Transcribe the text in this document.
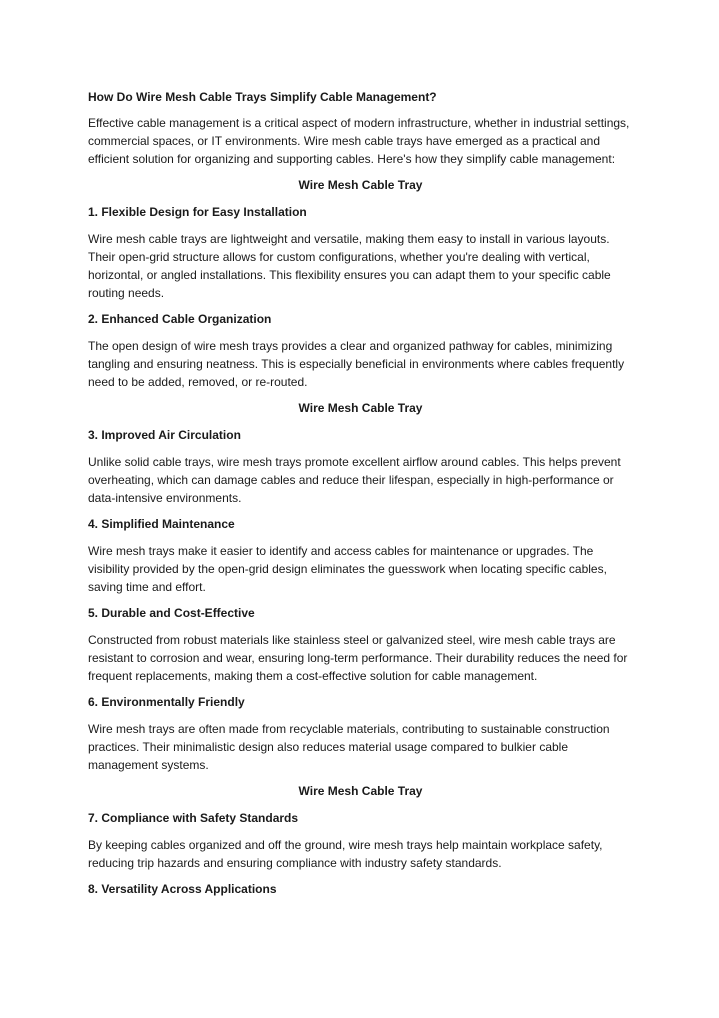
How Do Wire Mesh Cable Trays Simplify Cable Management?
Effective cable management is a critical aspect of modern infrastructure, whether in industrial settings, commercial spaces, or IT environments. Wire mesh cable trays have emerged as a practical and efficient solution for organizing and supporting cables. Here's how they simplify cable management:
Wire Mesh Cable Tray
1. Flexible Design for Easy Installation
Wire mesh cable trays are lightweight and versatile, making them easy to install in various layouts. Their open-grid structure allows for custom configurations, whether you're dealing with vertical, horizontal, or angled installations. This flexibility ensures you can adapt them to your specific cable routing needs.
2. Enhanced Cable Organization
The open design of wire mesh trays provides a clear and organized pathway for cables, minimizing tangling and ensuring neatness. This is especially beneficial in environments where cables frequently need to be added, removed, or re-routed.
Wire Mesh Cable Tray
3. Improved Air Circulation
Unlike solid cable trays, wire mesh trays promote excellent airflow around cables. This helps prevent overheating, which can damage cables and reduce their lifespan, especially in high-performance or data-intensive environments.
4. Simplified Maintenance
Wire mesh trays make it easier to identify and access cables for maintenance or upgrades. The visibility provided by the open-grid design eliminates the guesswork when locating specific cables, saving time and effort.
5. Durable and Cost-Effective
Constructed from robust materials like stainless steel or galvanized steel, wire mesh cable trays are resistant to corrosion and wear, ensuring long-term performance. Their durability reduces the need for frequent replacements, making them a cost-effective solution for cable management.
6. Environmentally Friendly
Wire mesh trays are often made from recyclable materials, contributing to sustainable construction practices. Their minimalistic design also reduces material usage compared to bulkier cable management systems.
Wire Mesh Cable Tray
7. Compliance with Safety Standards
By keeping cables organized and off the ground, wire mesh trays help maintain workplace safety, reducing trip hazards and ensuring compliance with industry safety standards.
8. Versatility Across Applications
